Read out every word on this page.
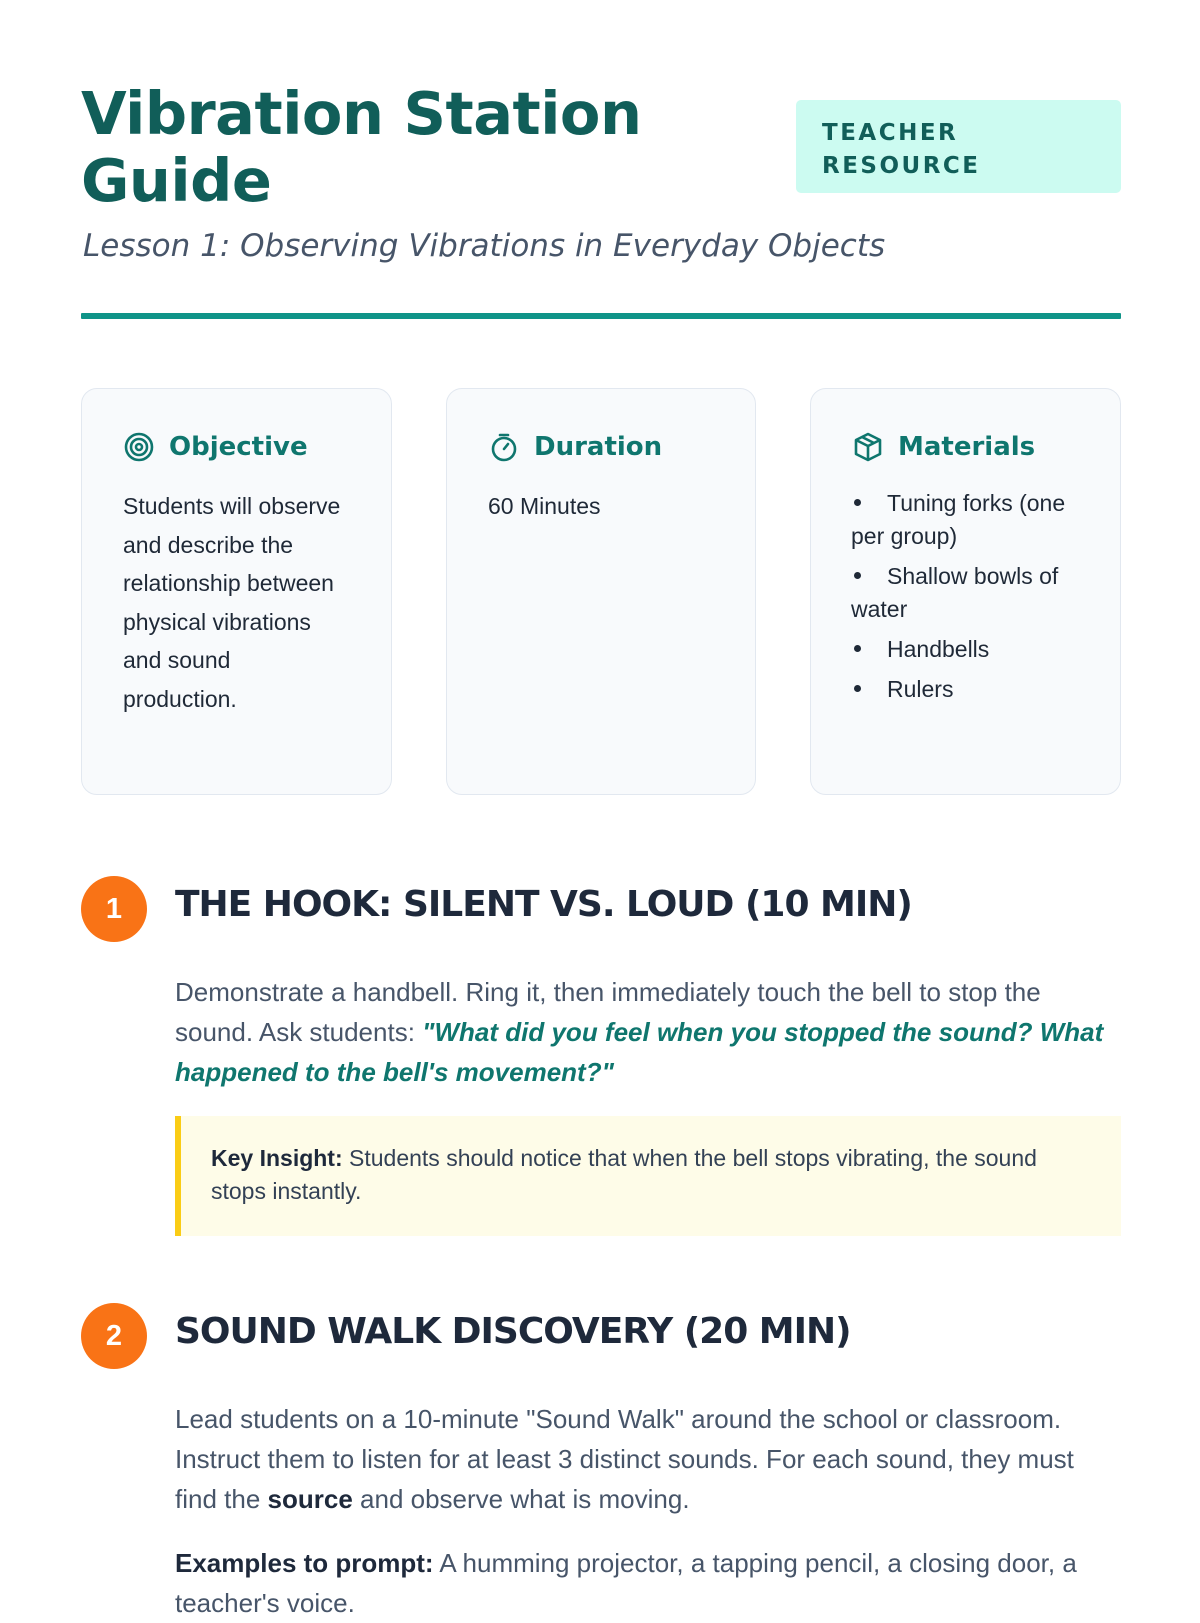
Vibration Station Guide
TEACHER RESOURCE
Lesson 1: Observing Vibrations in Everyday Objects
Objective

Students will observe and describe the relationship between physical vibrations and sound production.

Duration

60 Minutes

Materials
Tuning forks (one per group)
Shallow bowls of water
Handbells
Rulers
1	THE HOOK: SILENT VS. LOUD (10 MIN)

Demonstrate a handbell. Ring it, then immediately touch the bell to stop the sound. Ask students: "What did you feel when you stopped the sound? What happened to the bell's movement?"

Key Insight: Students should notice that when the bell stops vibrating, the sound stops instantly.
2	SOUND WALK DISCOVERY (20 MIN)

Lead students on a 10-minute "Sound Walk" around the school or classroom. Instruct them to listen for at least 3 distinct sounds. For each sound, they must find the source and observe what is moving.

Examples to prompt: A humming projector, a tapping pencil, a closing door, a teacher's voice.
